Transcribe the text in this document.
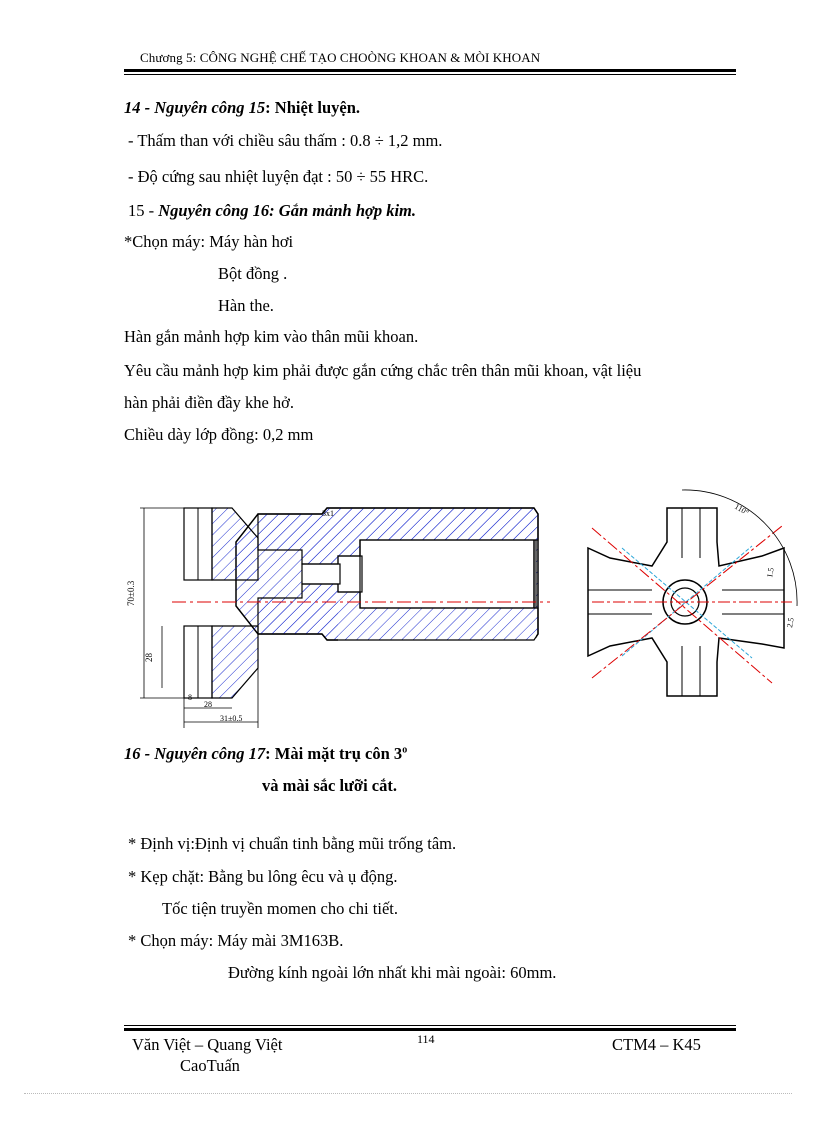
Chương 5: CÔNG NGHỆ CHẾ TẠO CHOÒNG KHOAN & MÒI KHOAN
14 - Nguyên công 15: Nhiệt luyện.
- Thấm than với chiều sâu thấm : 0.8 ÷ 1,2 mm.
- Độ cứng sau nhiệt luyện đạt : 50 ÷ 55 HRC.
15 - Nguyên công 16: Gắn mảnh hợp kim.
*Chọn máy: Máy hàn hơi
Bột đồng .
Hàn the.
Hàn gắn mảnh hợp kim vào thân mũi khoan.
Yêu cầu mảnh hợp kim phải được gắn cứng chắc trên thân mũi khoan, vật liệu
hàn phải điền đầy khe hở.
Chiều dày lớp đồng: 0,2 mm
70±0.3
28
3x1
8
28
31±0.5
110°
1.5
2.5
16 - Nguyên công 17: Mài mặt trụ côn 3$^o$
và mài sắc lưỡi cắt.
* Định vị:Định vị chuẩn tinh bằng mũi trống tâm.
* Kẹp chặt: Bằng bu lông êcu và ụ động.
Tốc tiện truyền momen cho chi tiết.
* Chọn máy: Máy mài 3M163B.
Đường kính ngoài lớn nhất khi mài ngoài: 60mm.
Văn Việt – Quang Việt
CaoTuấn
114	CTM4 – K45
